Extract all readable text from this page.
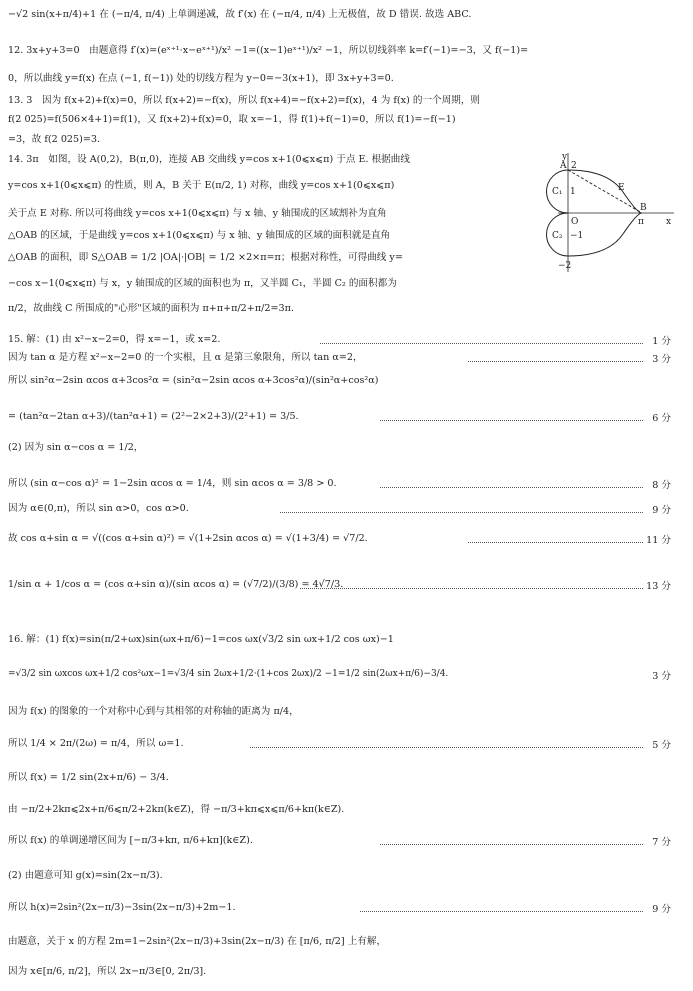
−√2 sin(x+π/4)+1 在 (−π/4, π/4) 上单调递减，故 f′(x) 在 (−π/4, π/4) 上无极值，故 D 错误. 故选 ABC.
12. 3x+y+3=0　由题意得 f′(x)=(eˣ⁺¹·x−eˣ⁺¹)/x² −1=((x−1)eˣ⁺¹)/x² −1，所以切线斜率 k=f′(−1)=−3，又 f(−1)=
0，所以曲线 y=f(x) 在点 (−1, f(−1)) 处的切线方程为 y−0=−3(x+1)，即 3x+y+3=0.
13. 3　因为 f(x+2)+f(x)=0，所以 f(x+2)=−f(x)，所以 f(x+4)=−f(x+2)=f(x)，4 为 f(x) 的一个周期，则
f(2 025)=f(506×4+1)=f(1)，又 f(x+2)+f(x)=0，取 x=−1，得 f(1)+f(−1)=0，所以 f(1)=−f(−1)
=3，故 f(2 025)=3.
14. 3π　如图，设 A(0,2)，B(π,0)，连接 AB 交曲线 y=cos x+1(0⩽x⩽π) 于点 E. 根据曲线
y=cos x+1(0⩽x⩽π) 的性质，则 A，B 关于 E(π/2, 1) 对称，曲线 y=cos x+1(0⩽x⩽π)
关于点 E 对称. 所以可将曲线 y=cos x+1(0⩽x⩽π) 与 x 轴、y 轴围成的区域割补为直角
△OAB 的区域，于是曲线 y=cos x+1(0⩽x⩽π) 与 x 轴、y 轴围成的区域的面积就是直角
△OAB 的面积，即 S△OAB = 1/2 |OA|·|OB| = 1/2 ×2×π=π；根据对称性，可得曲线 y=
−cos x−1(0⩽x⩽π) 与 x，y 轴围成的区域的面积也为 π，又半圆 C₁，半圆 C₂ 的面积都为
π/2，故曲线 C 所围成的"心形"区域的面积为 π+π+π/2+π/2=3π.
y
x
O
A 2
B
E
C₁ 1
C₂ −1
−2
π
15. 解：(1) 由 x²−x−2=0，得 x=−1，或 x=2.	1 分
因为 tan α 是方程 x²−x−2=0 的一个实根，且 α 是第三象限角，所以 tan α=2，	3 分
所以 sin²α−2sin αcos α+3cos²α = (sin²α−2sin αcos α+3cos²α)/(sin²α+cos²α)
= (tan²α−2tan α+3)/(tan²α+1) = (2²−2×2+3)/(2²+1) = 3/5.	6 分
(2) 因为 sin α−cos α = 1/2，
所以 (sin α−cos α)² = 1−2sin αcos α = 1/4，则 sin αcos α = 3/8 > 0.	8 分
因为 α∈(0,π)，所以 sin α>0，cos α>0.	9 分
故 cos α+sin α = √((cos α+sin α)²) = √(1+2sin αcos α) = √(1+3/4) = √7/2.	11 分
1/sin α + 1/cos α = (cos α+sin α)/(sin αcos α) = (√7/2)/(3/8) = 4√7/3.	13 分
16. 解：(1) f(x)=sin(π/2+ωx)sin(ωx+π/6)−1=cos ωx(√3/2 sin ωx+1/2 cos ωx)−1
=√3/2 sin ωxcos ωx+1/2 cos²ωx−1=√3/4 sin 2ωx+1/2·(1+cos 2ωx)/2 −1=1/2 sin(2ωx+π/6)−3/4.	3 分
因为 f(x) 的图象的一个对称中心到与其相邻的对称轴的距离为 π/4，
所以 1/4 × 2π/(2ω) = π/4，所以 ω=1.	5 分
所以 f(x) = 1/2 sin(2x+π/6) − 3/4.
由 −π/2+2kπ⩽2x+π/6⩽π/2+2kπ(k∈Z)，得 −π/3+kπ⩽x⩽π/6+kπ(k∈Z).
所以 f(x) 的单调递增区间为 [−π/3+kπ, π/6+kπ](k∈Z).	7 分
(2) 由题意可知 g(x)=sin(2x−π/3).
所以 h(x)=2sin²(2x−π/3)−3sin(2x−π/3)+2m−1.	9 分
由题意，关于 x 的方程 2m=1−2sin²(2x−π/3)+3sin(2x−π/3) 在 [π/6, π/2] 上有解，
因为 x∈[π/6, π/2]，所以 2x−π/3∈[0, 2π/3].
